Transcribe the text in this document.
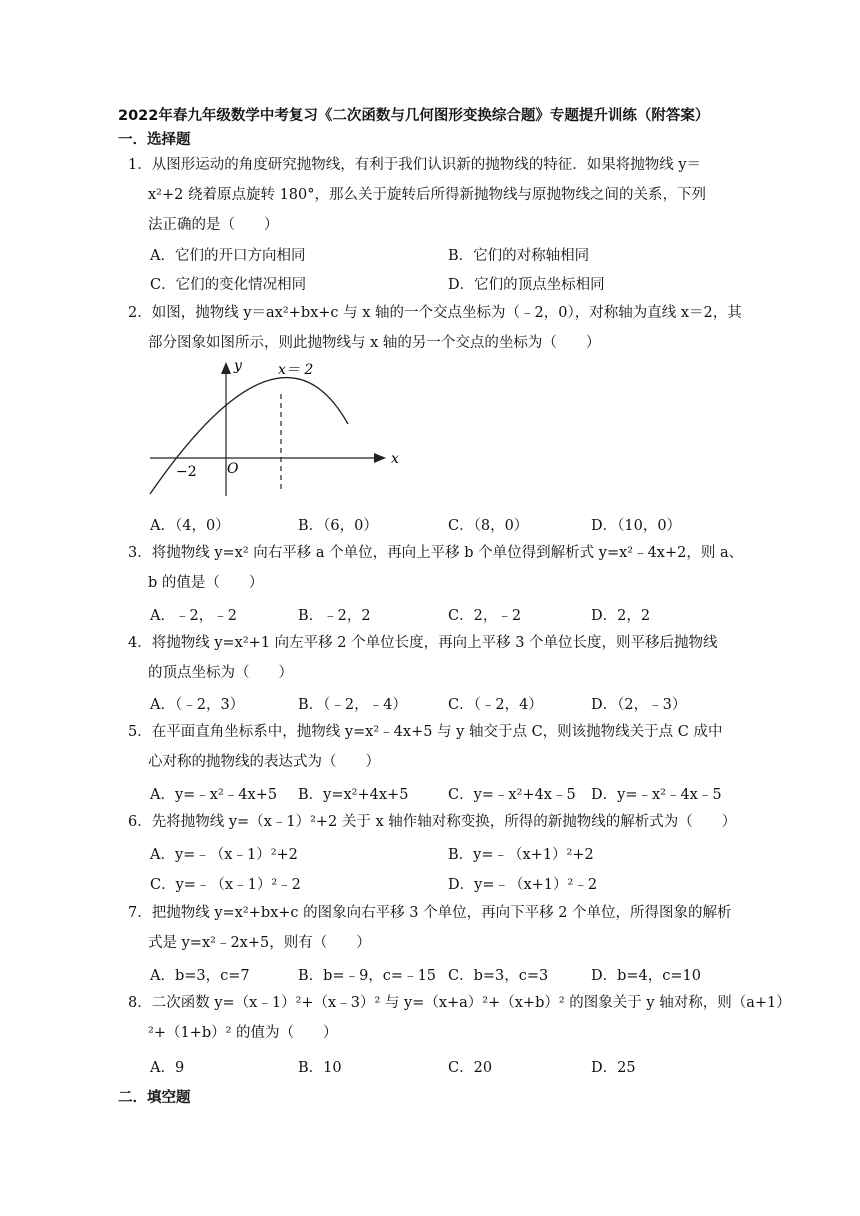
2022年春九年级数学中考复习《二次函数与几何图形变换综合题》专题提升训练（附答案）
一．选择题
1．从图形运动的角度研究抛物线，有利于我们认识新的抛物线的特征．如果将抛物线 y＝
x²+2 绕着原点旋转 180°，那么关于旋转后所得新抛物线与原抛物线之间的关系，下列
法正确的是（　　）
A．它们的开口方向相同	B．它们的对称轴相同
C．它们的变化情况相同	D．它们的顶点坐标相同
2．如图，抛物线 y＝ax²+bx+c 与 x 轴的一个交点坐标为（﹣2，0），对称轴为直线 x＝2，其
部分图象如图所示，则此抛物线与 x 轴的另一个交点的坐标为（　　）
y
x
x＝ 2
−2 O
A．（4，0）	B．（6，0）	C．（8，0）	D．（10，0）
3．将抛物线 y=x² 向右平移 a 个单位，再向上平移 b 个单位得到解析式 y=x²﹣4x+2，则 a、
b 的值是（　　）
A．﹣2，﹣2	B．﹣2，2	C．2，﹣2	D．2，2
4．将抛物线 y=x²+1 向左平移 2 个单位长度，再向上平移 3 个单位长度，则平移后抛物线
的顶点坐标为（　　）
A．（﹣2，3）	B．（﹣2，﹣4）	C．（﹣2，4）	D．（2，﹣3）
5．在平面直角坐标系中，抛物线 y=x²﹣4x+5 与 y 轴交于点 C，则该抛物线关于点 C 成中
心对称的抛物线的表达式为（　　）
A．y=﹣x²﹣4x+5 B．y=x²+4x+5	C．y=﹣x²+4x﹣5 D．y=﹣x²﹣4x﹣5
6．先将抛物线 y=（x﹣1）²+2 关于 x 轴作轴对称变换，所得的新抛物线的解析式为（　　）
A．y=﹣（x﹣1）²+2	B．y=﹣（x+1）²+2
C．y=﹣（x﹣1）²﹣2	D．y=﹣（x+1）²﹣2
7．把抛物线 y=x²+bx+c 的图象向右平移 3 个单位，再向下平移 2 个单位，所得图象的解析
式是 y=x²﹣2x+5，则有（　　）
A．b=3，c=7	B．b=﹣9，c=﹣15 C．b=3，c=3	D．b=4，c=10
8．二次函数 y=（x﹣1）²+（x﹣3）² 与 y=（x+a）²+（x+b）² 的图象关于 y 轴对称，则（a+1）
²+（1+b）² 的值为（　　）
A．9	B．10	C．20	D．25
二．填空题
